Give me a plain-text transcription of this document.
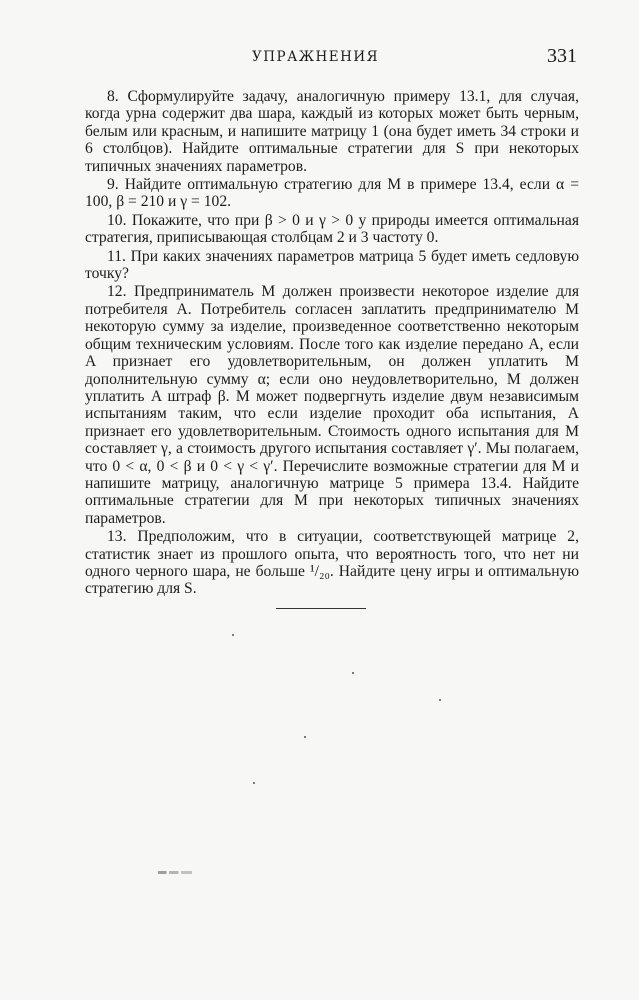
УПРАЖНЕНИЯ	331

8. Сформулируйте задачу, аналогичную примеру 13.1, для случая, когда урна содержит два шара, каждый из которых может быть черным, белым или красным, и напишите матрицу 1 (она будет иметь 34 строки и 6 столбцов). Найдите оптимальные стратегии для S при некоторых типичных значениях параметров.

9. Найдите оптимальную стратегию для M в примере 13.4, если α = 100, β = 210 и γ = 102.

10. Покажите, что при β > 0 и γ > 0 у природы имеется оптимальная стратегия, приписывающая столбцам 2 и 3 частоту 0.

11. При каких значениях параметров матрица 5 будет иметь седловую точку?

12. Предприниматель M должен произвести некоторое изделие для потребителя A. Потребитель согласен заплатить предпринимателю M некоторую сумму за изделие, произведенное соответственно некоторым общим техническим условиям. После того как изделие передано A, если A признает его удовлетворительным, он должен уплатить M дополнительную сумму α; если оно неудовлетворительно, M должен уплатить A штраф β. M может подвергнуть изделие двум независимым испытаниям таким, что если изделие проходит оба испытания, A признает его удовлетворительным. Стоимость одного испытания для M составляет γ, а стоимость другого испытания составляет γ′. Мы полагаем, что 0 < α, 0 < β и 0 < γ < γ′. Перечислите возможные стратегии для M и напишите матрицу, аналогичную матрице 5 примера 13.4. Найдите оптимальные стратегии для M при некоторых типичных значениях параметров.

13. Предположим, что в ситуации, соответствующей матрице 2, статистик знает из прошлого опыта, что вероятность того, что нет ни одного черного шара, не больше ¹/₂₀. Найдите цену игры и оптимальную стратегию для S.
